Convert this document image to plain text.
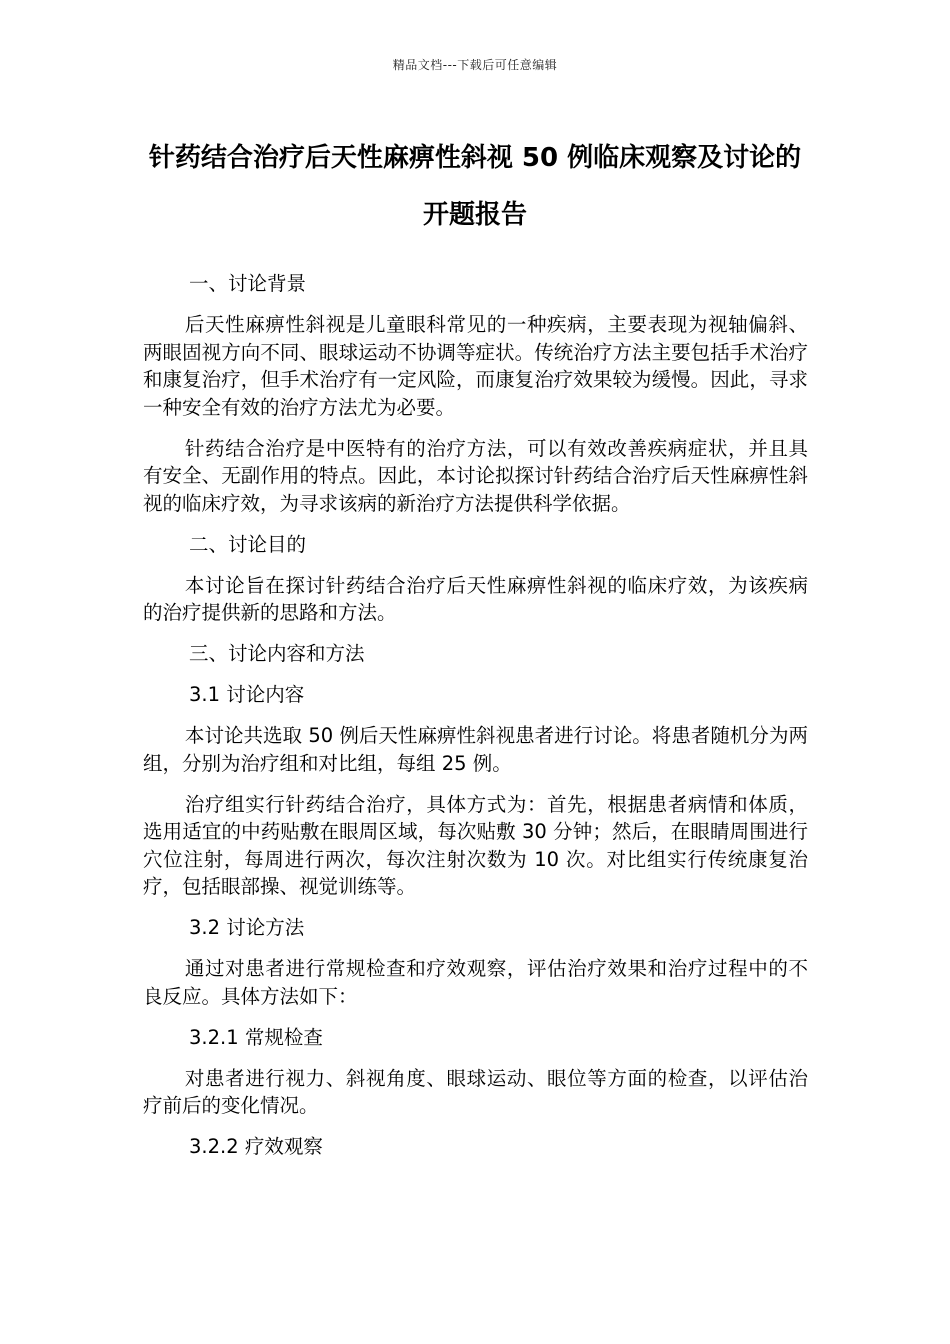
精品文档---下载后可任意编辑
针药结合治疗后天性麻痹性斜视 50 例临床观察及讨论的开题报告
一、讨论背景

后天性麻痹性斜视是儿童眼科常见的一种疾病，主要表现为视轴偏斜、两眼固视方向不同、眼球运动不协调等症状。传统治疗方法主要包括手术治疗和康复治疗，但手术治疗有一定风险，而康复治疗效果较为缓慢。因此，寻求一种安全有效的治疗方法尤为必要。

针药结合治疗是中医特有的治疗方法，可以有效改善疾病症状，并且具有安全、无副作用的特点。因此，本讨论拟探讨针药结合治疗后天性麻痹性斜视的临床疗效，为寻求该病的新治疗方法提供科学依据。

二、讨论目的

本讨论旨在探讨针药结合治疗后天性麻痹性斜视的临床疗效，为该疾病的治疗提供新的思路和方法。

三、讨论内容和方法
3.1 讨论内容

本讨论共选取 50 例后天性麻痹性斜视患者进行讨论。将患者随机分为两组，分别为治疗组和对比组，每组 25 例。

治疗组实行针药结合治疗，具体方式为：首先，根据患者病情和体质，选用适宜的中药贴敷在眼周区域，每次贴敷 30 分钟；然后，在眼睛周围进行穴位注射，每周进行两次，每次注射次数为 10 次。对比组实行传统康复治疗，包括眼部操、视觉训练等。

3.2 讨论方法

通过对患者进行常规检查和疗效观察，评估治疗效果和治疗过程中的不良反应。具体方法如下：

3.2.1 常规检查

对患者进行视力、斜视角度、眼球运动、眼位等方面的检查，以评估治疗前后的变化情况。

3.2.2 疗效观察
